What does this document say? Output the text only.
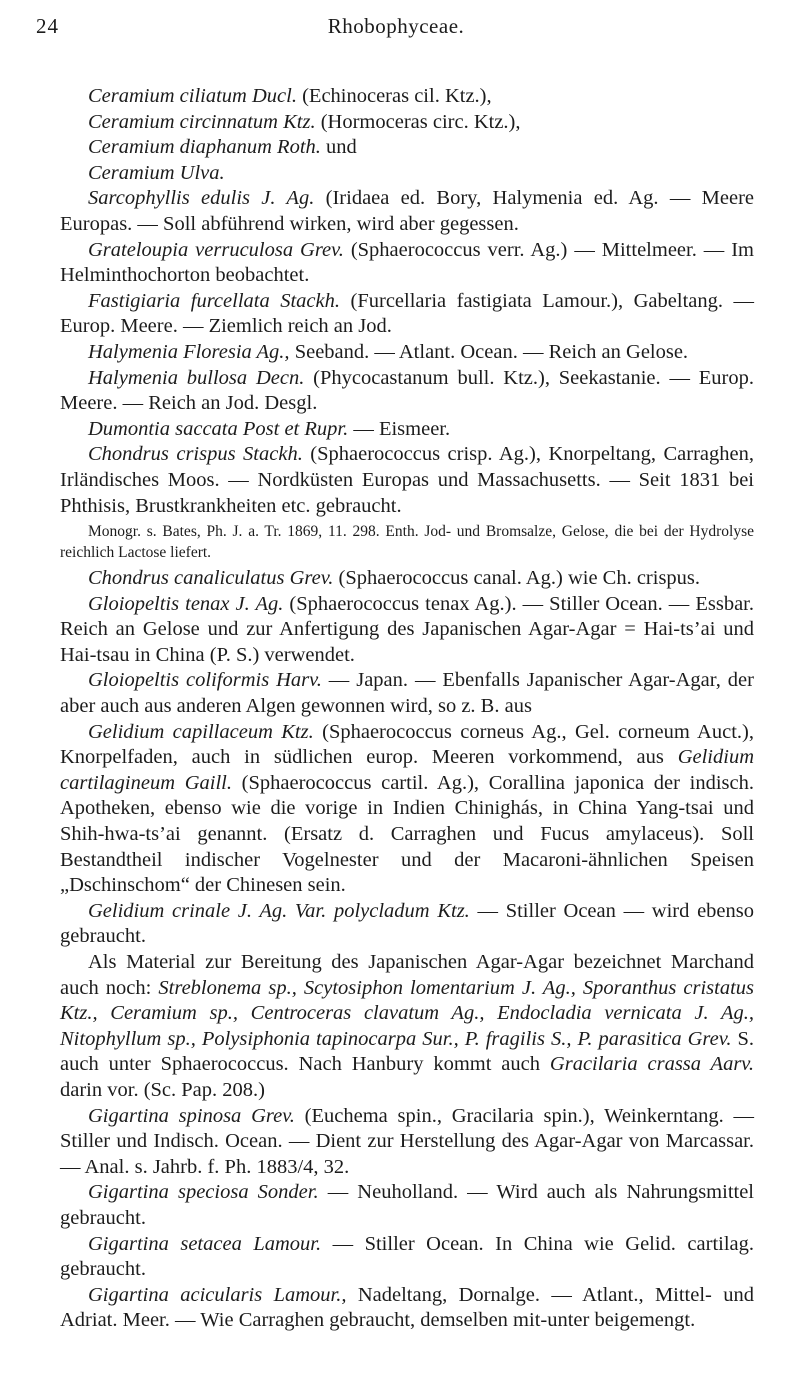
24	Rhobophyceae.

Ceramium ciliatum Ducl. (Echinoceras cil. Ktz.),

Ceramium circinnatum Ktz. (Hormoceras circ. Ktz.),

Ceramium diaphanum Roth. und

Ceramium Ulva.

Sarcophyllis edulis J. Ag. (Iridaea ed. Bory, Halymenia ed. Ag. — Meere Europas. — Soll abführend wirken, wird aber gegessen.

Grateloupia verruculosa Grev. (Sphaerococcus verr. Ag.) — Mittelmeer. — Im Helminthochorton beobachtet.

Fastigiaria furcellata Stackh. (Furcellaria fastigiata Lamour.), Gabeltang. — Europ. Meere. — Ziemlich reich an Jod.

Halymenia Floresia Ag., Seeband. — Atlant. Ocean. — Reich an Gelose.

Halymenia bullosa Decn. (Phycocastanum bull. Ktz.), Seekastanie. — Europ. Meere. — Reich an Jod. Desgl.

Dumontia saccata Post et Rupr. — Eismeer.

Chondrus crispus Stackh. (Sphaerococcus crisp. Ag.), Knorpeltang, Carraghen, Irländisches Moos. — Nordküsten Europas und Massachusetts. — Seit 1831 bei Phthisis, Brustkrankheiten etc. gebraucht.

Monogr. s. Bates, Ph. J. a. Tr. 1869, 11. 298. Enth. Jod- und Bromsalze, Gelose, die bei der Hydrolyse reichlich Lactose liefert.

Chondrus canaliculatus Grev. (Sphaerococcus canal. Ag.) wie Ch. crispus.

Gloiopeltis tenax J. Ag. (Sphaerococcus tenax Ag.). — Stiller Ocean. — Essbar. Reich an Gelose und zur Anfertigung des Japanischen Agar-Agar = Hai-ts’ai und Hai-tsau in China (P. S.) verwendet.

Gloiopeltis coliformis Harv. — Japan. — Ebenfalls Japanischer Agar-Agar, der aber auch aus anderen Algen gewonnen wird, so z. B. aus

Gelidium capillaceum Ktz. (Sphaerococcus corneus Ag., Gel. corneum Auct.), Knorpelfaden, auch in südlichen europ. Meeren vorkommend, aus Gelidium cartilagineum Gaill. (Sphaerococcus cartil. Ag.), Corallina japonica der indisch. Apotheken, ebenso wie die vorige in Indien Chinighás, in China Yang-tsai und Shih-hwa-ts’ai genannt. (Ersatz d. Carraghen und Fucus amylaceus). Soll Bestandtheil indischer Vogelnester und der Macaroni-ähnlichen Speisen „Dschinschom“ der Chinesen sein.

Gelidium crinale J. Ag. Var. polycladum Ktz. — Stiller Ocean — wird ebenso gebraucht.

Als Material zur Bereitung des Japanischen Agar-Agar bezeichnet Marchand auch noch: Streblonema sp., Scytosiphon lomentarium J. Ag., Sporanthus cristatus Ktz., Ceramium sp., Centroceras clavatum Ag., Endocladia vernicata J. Ag., Nitophyllum sp., Polysiphonia tapinocarpa Sur., P. fragilis S., P. parasitica Grev. S. auch unter Sphaerococcus. Nach Hanbury kommt auch Gracilaria crassa Aarv. darin vor. (Sc. Pap. 208.)

Gigartina spinosa Grev. (Euchema spin., Gracilaria spin.), Weinkerntang. — Stiller und Indisch. Ocean. — Dient zur Herstellung des Agar-Agar von Marcassar. — Anal. s. Jahrb. f. Ph. 1883/4, 32.

Gigartina speciosa Sonder. — Neuholland. — Wird auch als Nahrungsmittel gebraucht.

Gigartina setacea Lamour. — Stiller Ocean. In China wie Gelid. cartilag. gebraucht.

Gigartina acicularis Lamour., Nadeltang, Dornalge. — Atlant., Mittel- und Adriat. Meer. — Wie Carraghen gebraucht, demselben mit-unter beigemengt.
